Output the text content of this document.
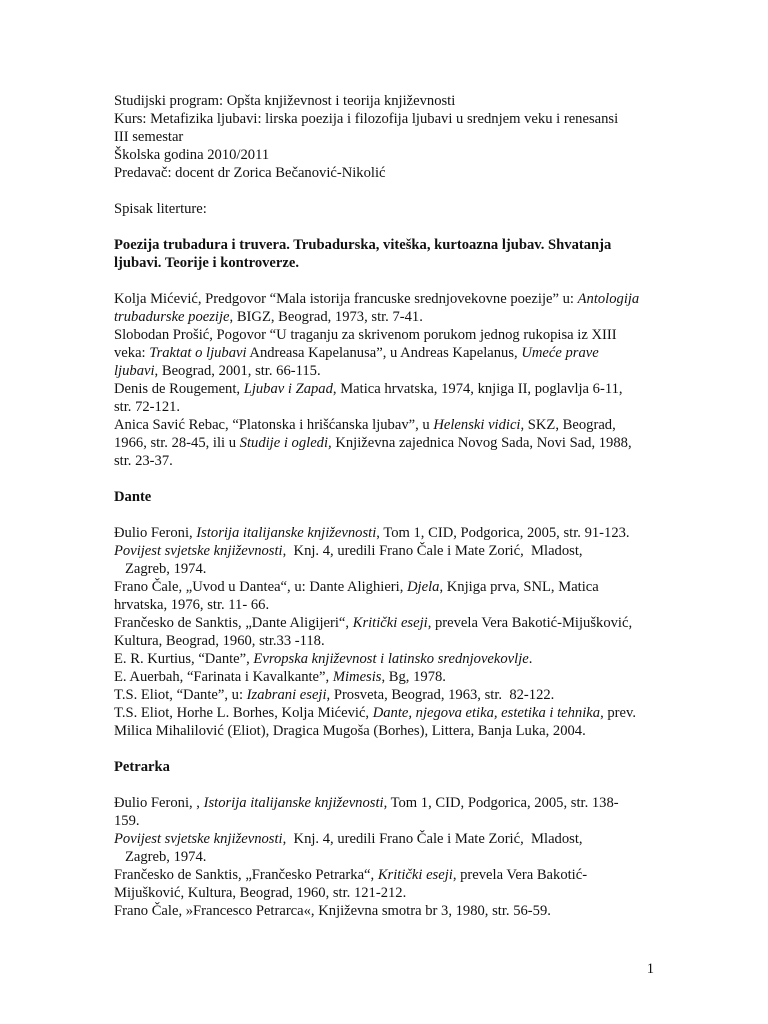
Studijski program: Opšta književnost i teorija književnosti
Kurs: Metafizika ljubavi: lirska poezija i filozofija ljubavi u srednjem veku i renesansi
III semestar
Školska godina 2010/2011
Predavač: docent dr Zorica Bečanović-Nikolić
Spisak literture:
Poezija trubadura i truvera. Trubadurska, viteška, kurtoazna ljubav. Shvatanja
ljubavi. Teorije i kontroverze.
Kolja Mićević, Predgovor “Mala istorija francuske srednjovekovne poezije” u: Antologija
trubadurske poezije, BIGZ, Beograd, 1973, str. 7-41.
Slobodan Prošić, Pogovor “U traganju za skrivenom porukom jednog rukopisa iz XIII
veka: Traktat o ljubavi Andreasa Kapelanusa”, u Andreas Kapelanus, Umeće prave
ljubavi, Beograd, 2001, str. 66-115.
Denis de Rougement, Ljubav i Zapad, Matica hrvatska, 1974, knjiga II, poglavlja 6-11,
str. 72-121.
Anica Savić Rebac, “Platonska i hrišćanska ljubav”, u Helenski vidici, SKZ, Beograd,
1966, str. 28-45, ili u Studije i ogledi, Književna zajednica Novog Sada, Novi Sad, 1988,
str. 23-37.
Dante
Đulio Feroni, Istorija italijanske književnosti, Tom 1, CID, Podgorica, 2005, str. 91-123.
Povijest svjetske književnosti,  Knj. 4, uredili Frano Čale i Mate Zorić,  Mladost,
Zagreb, 1974.
Frano Čale, „Uvod u Dantea“, u: Dante Alighieri, Djela, Knjiga prva, SNL, Matica
hrvatska, 1976, str. 11- 66.
Frančesko de Sanktis, „Dante Aligijeri“, Kritički eseji, prevela Vera Bakotić-Mijušković,
Kultura, Beograd, 1960, str.33 -118.
E. R. Kurtius, “Dante”, Evropska književnost i latinsko srednjovekovlje.
E. Auerbah, “Farinata i Kavalkante”, Mimesis, Bg, 1978.
T.S. Eliot, “Dante”, u: Izabrani eseji, Prosveta, Beograd, 1963, str.  82-122.
T.S. Eliot, Horhe L. Borhes, Kolja Mićević, Dante, njegova etika, estetika i tehnika, prev.
Milica Mihalilović (Eliot), Dragica Mugoša (Borhes), Littera, Banja Luka, 2004.
Petrarka
Đulio Feroni, , Istorija italijanske književnosti, Tom 1, CID, Podgorica, 2005, str. 138-
159.
Povijest svjetske književnosti,  Knj. 4, uredili Frano Čale i Mate Zorić,  Mladost,
Zagreb, 1974.
Frančesko de Sanktis, „Frančesko Petrarka“, Kritički eseji, prevela Vera Bakotić-
Mijušković, Kultura, Beograd, 1960, str. 121-212.
Frano Čale, »Francesco Petrarca«, Književna smotra br 3, 1980, str. 56-59.
1
